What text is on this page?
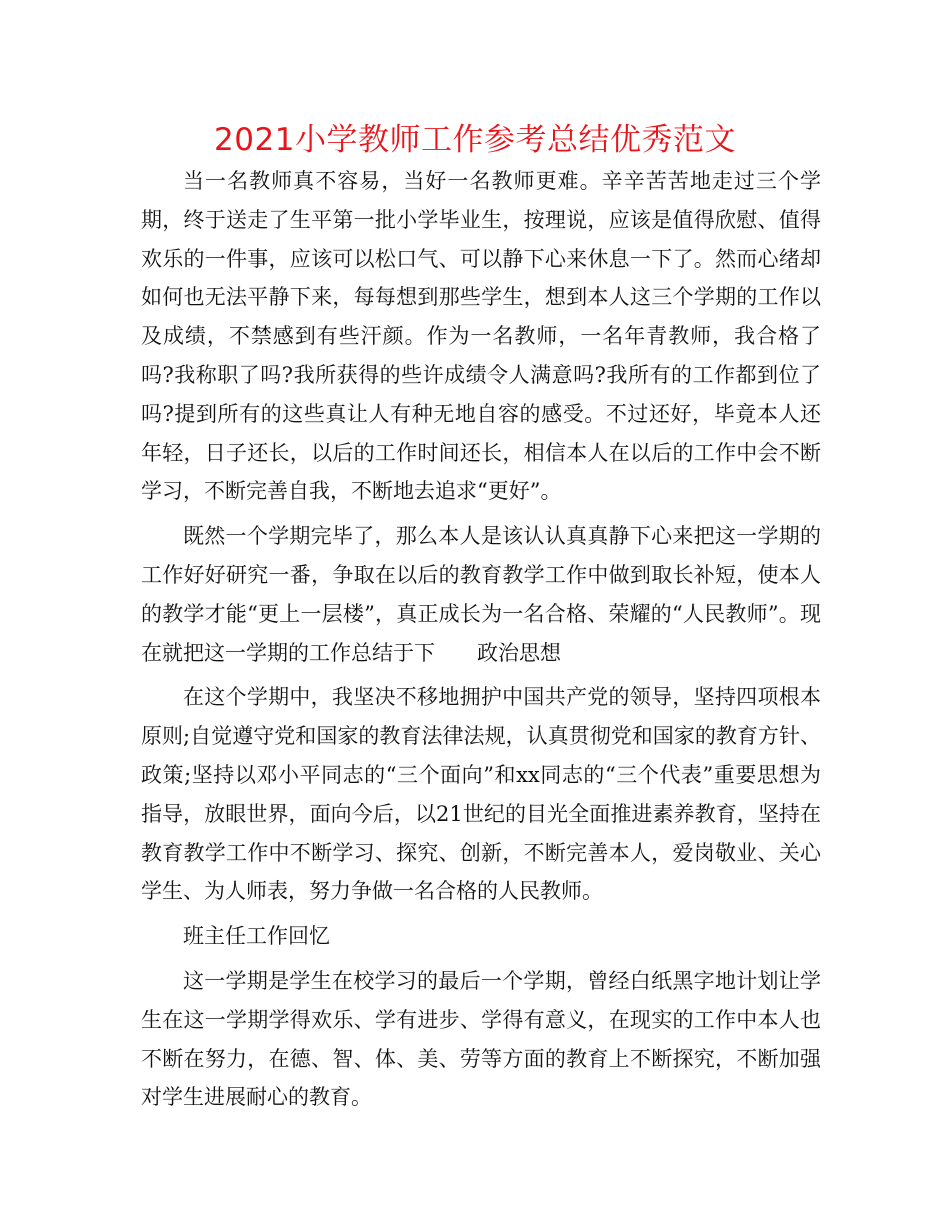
2021小学教师工作参考总结优秀范文

当一名教师真不容易，当好一名教师更难。辛辛苦苦地走过三个学期，终于送走了生平第一批小学毕业生，按理说，应该是值得欣慰、值得欢乐的一件事，应该可以松口气、可以静下心来休息一下了。然而心绪却如何也无法平静下来，每每想到那些学生，想到本人这三个学期的工作以及成绩，不禁感到有些汗颜。作为一名教师，一名年青教师，我合格了吗?我称职了吗?我所获得的些许成绩令人满意吗?我所有的工作都到位了吗?提到所有的这些真让人有种无地自容的感受。不过还好，毕竟本人还年轻，日子还长，以后的工作时间还长，相信本人在以后的工作中会不断学习，不断完善自我，不断地去追求“更好”。

既然一个学期完毕了，那么本人是该认认真真静下心来把这一学期的工作好好研究一番，争取在以后的教育教学工作中做到取长补短，使本人的教学才能“更上一层楼”，真正成长为一名合格、荣耀的“人民教师”。现在就把这一学期的工作总结于下 政治思想

在这个学期中，我坚决不移地拥护中国共产党的领导，坚持四项根本原则;自觉遵守党和国家的教育法律法规，认真贯彻党和国家的教育方针、政策;坚持以邓小平同志的“三个面向”和xx同志的“三个代表”重要思想为指导，放眼世界，面向今后，以21世纪的目光全面推进素养教育，坚持在教育教学工作中不断学习、探究、创新，不断完善本人，爱岗敬业、关心学生、为人师表，努力争做一名合格的人民教师。

班主任工作回忆

这一学期是学生在校学习的最后一个学期，曾经白纸黑字地计划让学生在这一学期学得欢乐、学有进步、学得有意义，在现实的工作中本人也不断在努力，在德、智、体、美、劳等方面的教育上不断探究，不断加强对学生进展耐心的教育。
